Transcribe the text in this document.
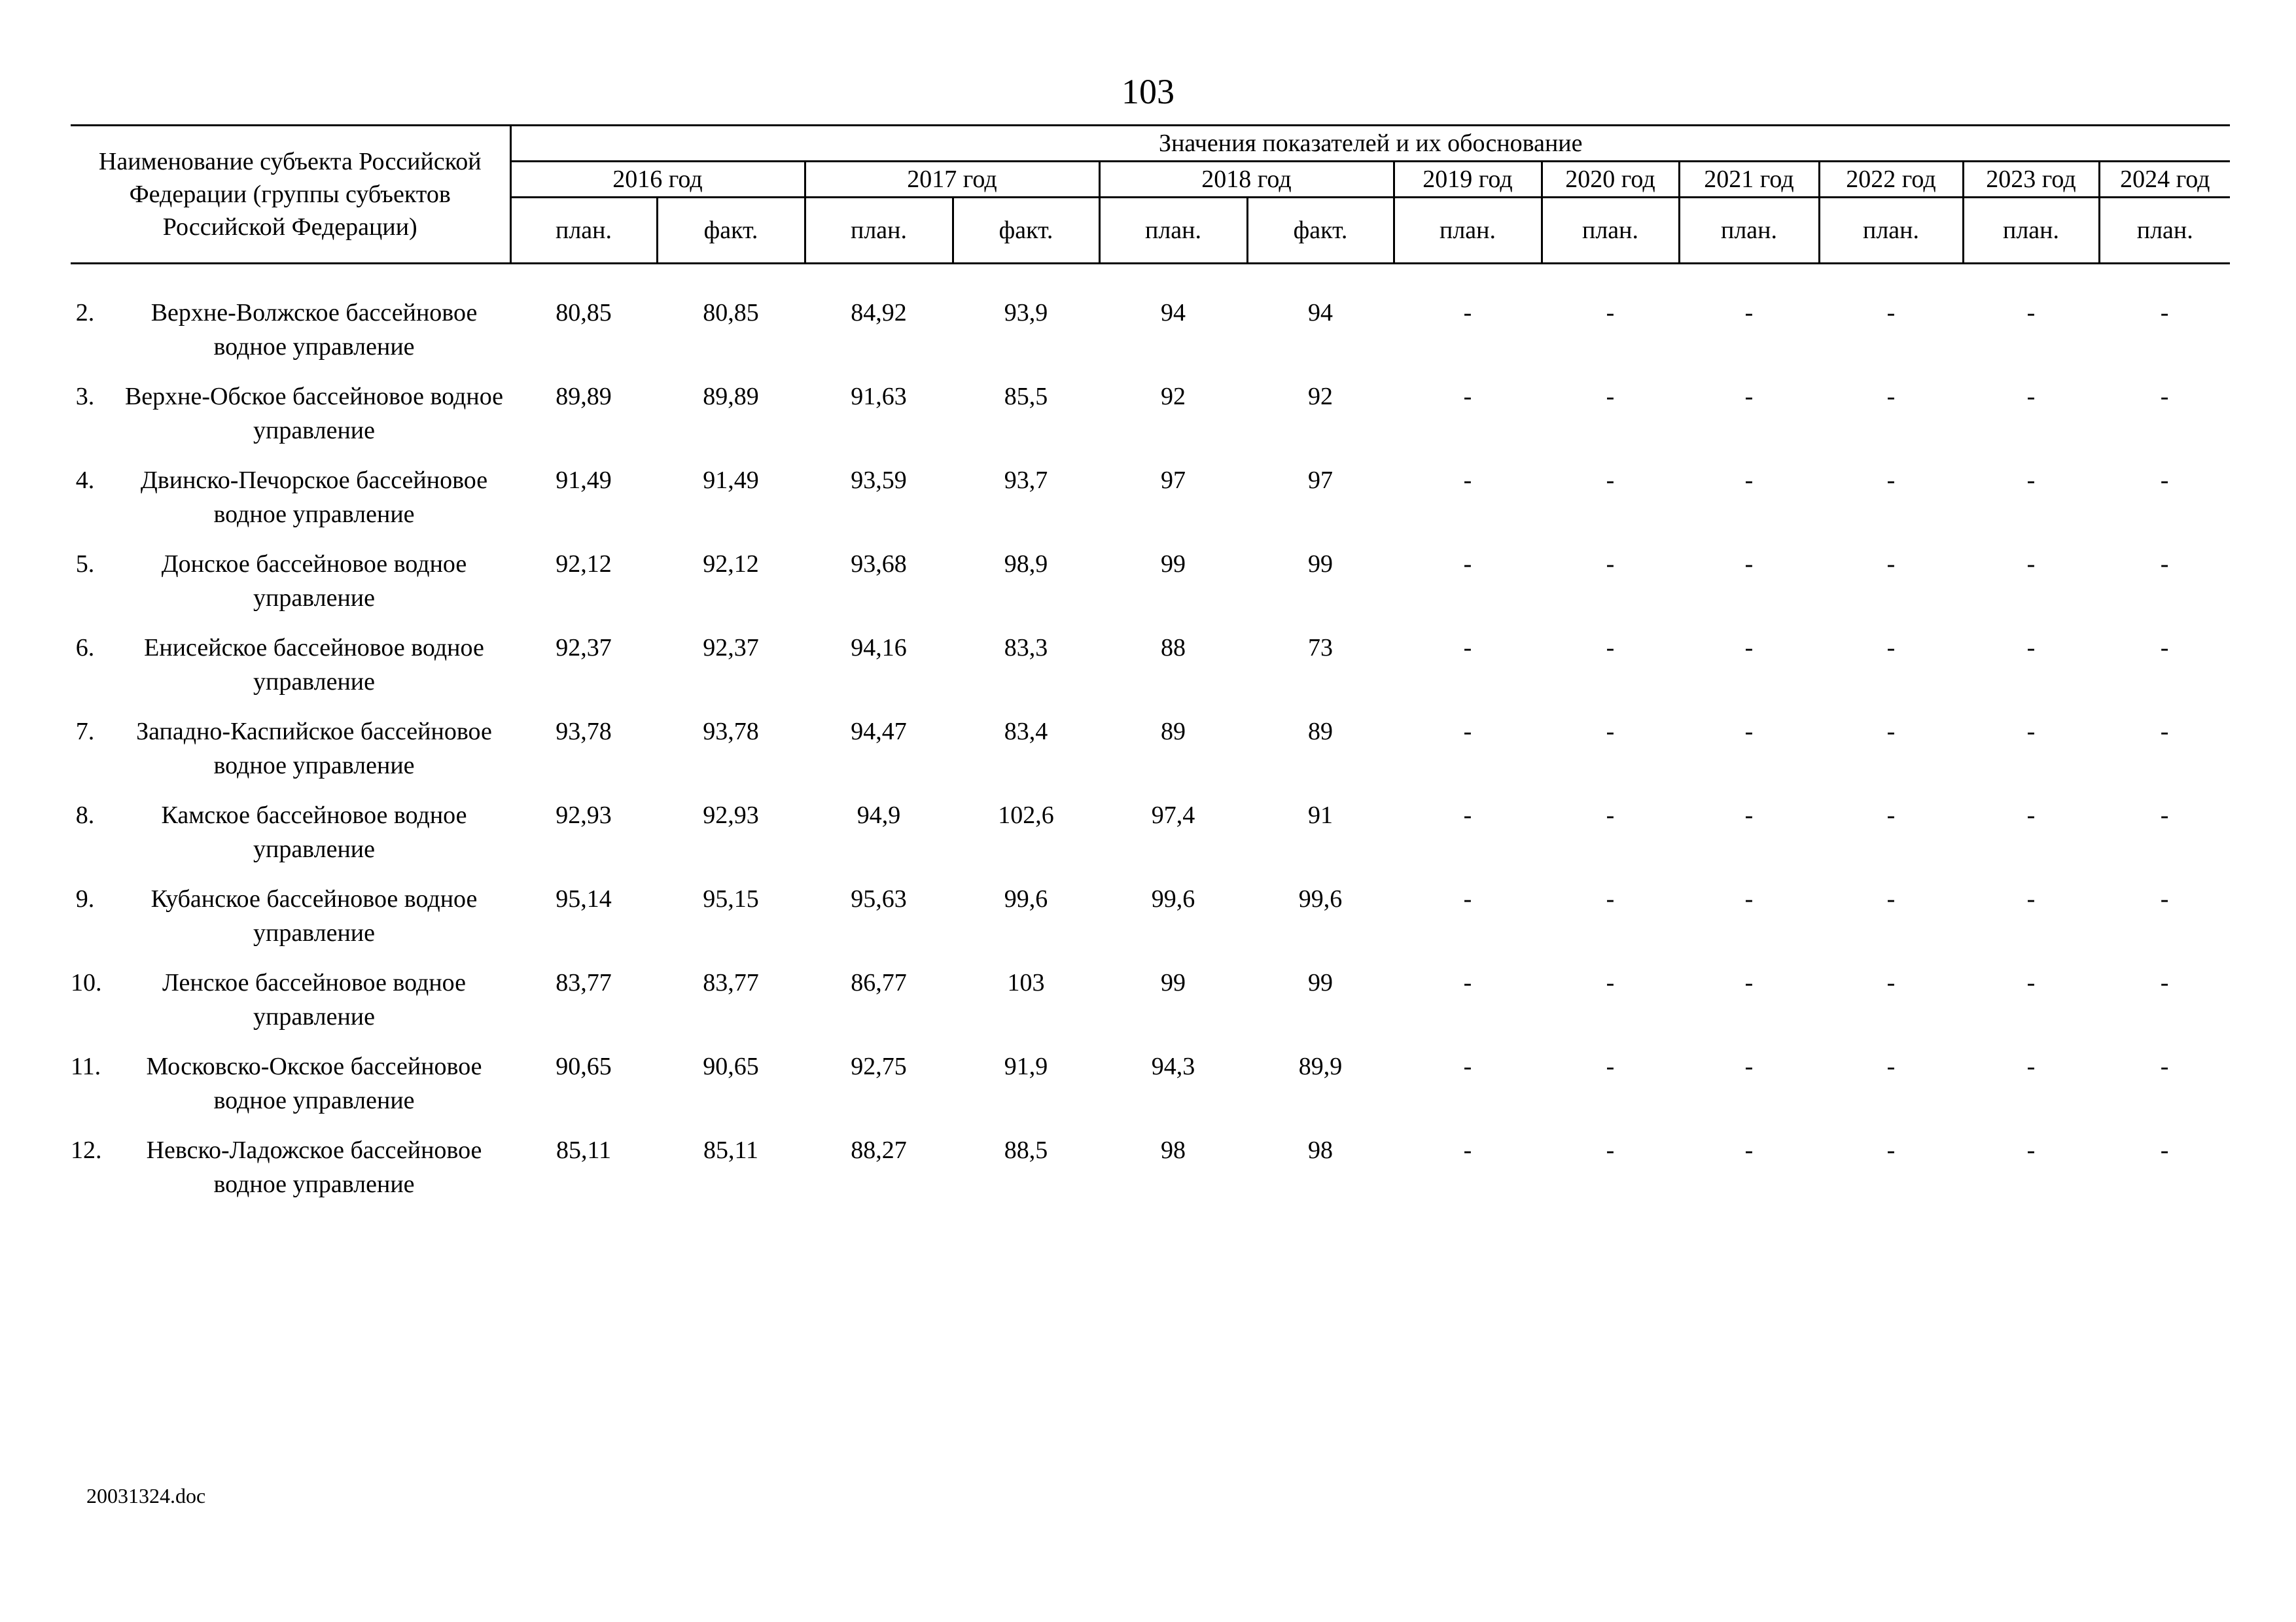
103
Наименование субъекта Российской Федерации (группы субъектов Российской Федерации)		Значения показателей и их обоснование											
		2016 год		2017 год		2018 год		2019 год	2020 год	2021 год	2022 год	2023 год	2024 год
		план.	факт.	план.	факт.	план.	факт.	план.	план.	план.	план.	план.	план.

2.	Верхне-Волжское бассейновое водное управление	80,85	80,85	84,92	93,9	94	94	-	-	-	-	-	-
3.	Верхне-Обское бассейновое водное управление	89,89	89,89	91,63	85,5	92	92	-	-	-	-	-	-
4.	Двинско-Печорское бассейновое водное управление	91,49	91,49	93,59	93,7	97	97	-	-	-	-	-	-
5.	Донское бассейновое водное управление	92,12	92,12	93,68	98,9	99	99	-	-	-	-	-	-
6.	Енисейское бассейновое водное управление	92,37	92,37	94,16	83,3	88	73	-	-	-	-	-	-
7.	Западно-Каспийское бассейновое водное управление	93,78	93,78	94,47	83,4	89	89	-	-	-	-	-	-
8.	Камское бассейновое водное управление	92,93	92,93	94,9	102,6	97,4	91	-	-	-	-	-	-
9.	Кубанское бассейновое водное управление	95,14	95,15	95,63	99,6	99,6	99,6	-	-	-	-	-	-
10.	Ленское бассейновое водное управление	83,77	83,77	86,77	103	99	99	-	-	-	-	-	-
11.	Московско-Окское бассейновое водное управление	90,65	90,65	92,75	91,9	94,3	89,9	-	-	-	-	-	-
12.	Невско-Ладожское бассейновое водное управление	85,11	85,11	88,27	88,5	98	98	-	-	-	-	-	-
20031324.doc
